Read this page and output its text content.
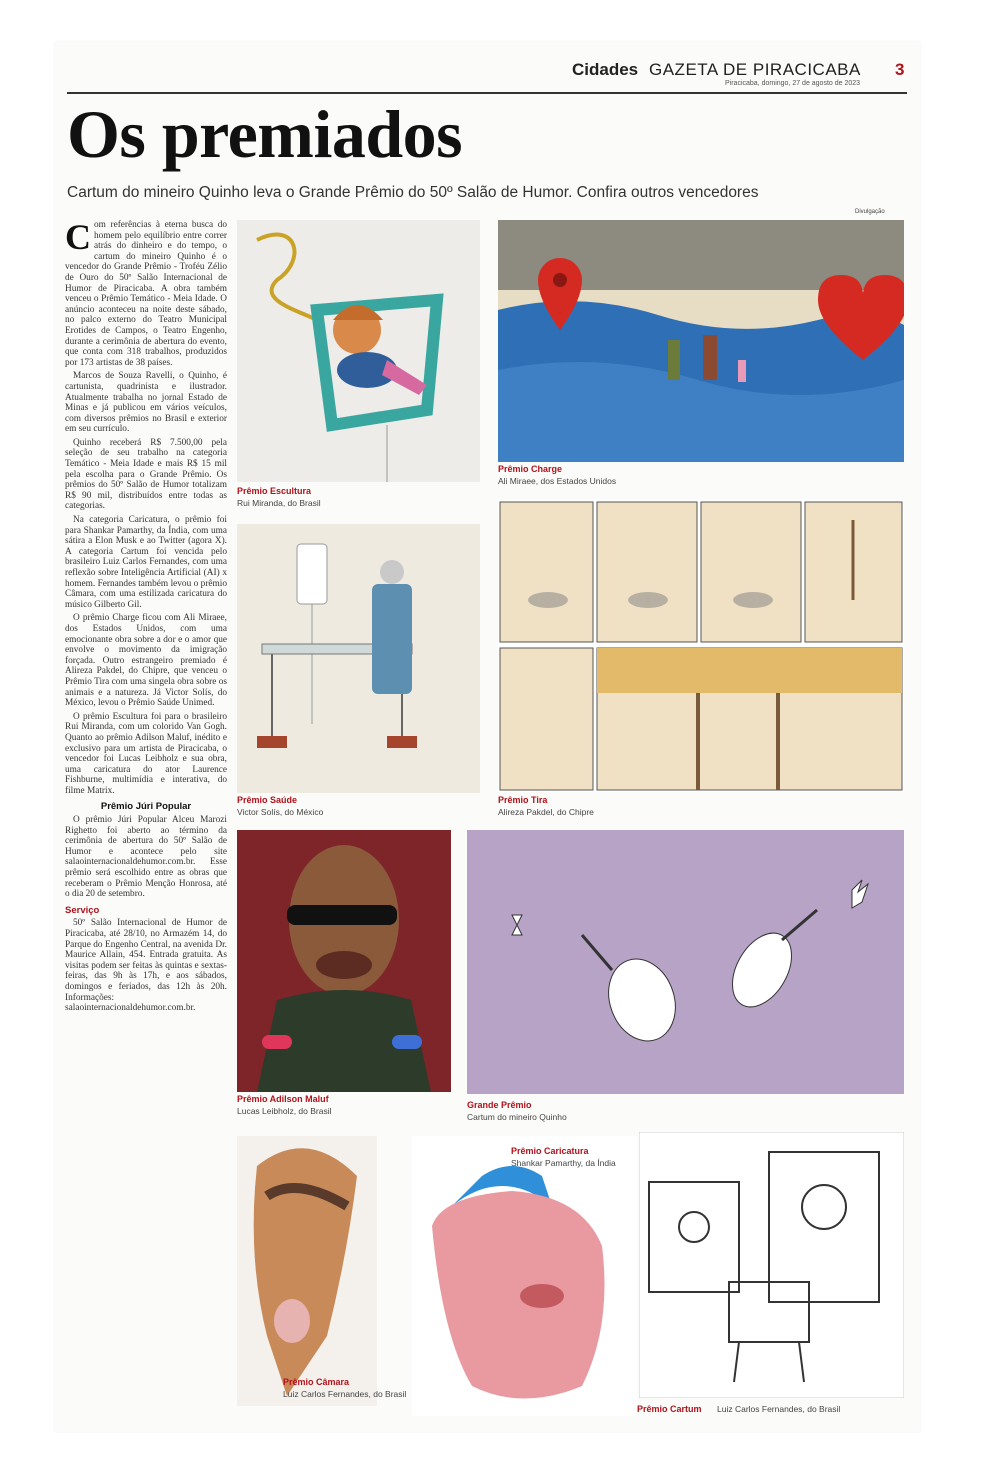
Cidades GAZETA DE PIRACICABA 3
Piracicaba, domingo, 27 de agosto de 2023
Os premiados
Cartum do mineiro Quinho leva o Grande Prêmio do 50º Salão de Humor. Confira outros vencedores
Divulgação

Com referências à eterna busca do homem pelo equilíbrio entre correr atrás do dinheiro e do tempo, o cartum do mineiro Quinho é o vencedor do Grande Prêmio - Troféu Zélio de Ouro do 50º Salão Internacional de Humor de Piracicaba. A obra também venceu o Prêmio Temático - Meia Idade. O anúncio aconteceu na noite deste sábado, no palco externo do Teatro Municipal Erotides de Campos, o Teatro Engenho, durante a cerimônia de abertura do evento, que conta com 318 trabalhos, produzidos por 173 artistas de 38 países.

Marcos de Souza Ravelli, o Quinho, é cartunista, quadrinista e ilustrador. Atualmente trabalha no jornal Estado de Minas e já publicou em vários veículos, com diversos prêmios no Brasil e exterior em seu currículo.

Quinho receberá R$ 7.500,00 pela seleção de seu trabalho na categoria Temático - Meia Idade e mais R$ 15 mil pela escolha para o Grande Prêmio. Os prêmios do 50º Salão de Humor totalizam R$ 90 mil, distribuídos entre todas as categorias.

Na categoria Caricatura, o prêmio foi para Shankar Pamarthy, da Índia, com uma sátira a Elon Musk e ao Twitter (agora X). A categoria Cartum foi vencida pelo brasileiro Luiz Carlos Fernandes, com uma reflexão sobre Inteligência Artificial (AI) x homem. Fernandes também levou o prêmio Câmara, com uma estilizada caricatura do músico Gilberto Gil.

O prêmio Charge ficou com Ali Miraee, dos Estados Unidos, com uma emocionante obra sobre a dor e o amor que envolve o movimento da imigração forçada. Outro estrangeiro premiado é Alireza Pakdel, do Chipre, que venceu o Prêmio Tira com uma singela obra sobre os animais e a natureza. Já Victor Solís, do México, levou o Prêmio Saúde Unimed.

O prêmio Escultura foi para o brasileiro Rui Miranda, com um colorido Van Gogh. Quanto ao prêmio Adilson Maluf, inédito e exclusivo para um artista de Piracicaba, o vencedor foi Lucas Leibholz e sua obra, uma caricatura do ator Laurence Fishburne, multimídia e interativa, do filme Matrix.

Prêmio Júri Popular

O prêmio Júri Popular Alceu Marozi Righetto foi aberto ao término da cerimônia de abertura do 50º Salão de Humor e acontece pelo site salaointernacionaldehumor.com.br. Esse prêmio será escolhido entre as obras que receberam o Prêmio Menção Honrosa, até o dia 20 de setembro.

Serviço

50º Salão Internacional de Humor de Piracicaba, até 28/10, no Armazém 14, do Parque do Engenho Central, na avenida Dr. Maurice Allain, 454. Entrada gratuita. As visitas podem ser feitas às quintas e sextas-feiras, das 9h às 17h, e aos sábados, domingos e feriados, das 12h às 20h. Informações: salaointernacionaldehumor.com.br.

Prêmio Escultura
Rui Miranda, do Brasil
Prêmio Charge
Ali Miraee, dos Estados Unidos
Prêmio Saúde
Victor Solís, do México
Prêmio Tira
Alireza Pakdel, do Chipre
Prêmio Adilson Maluf
Lucas Leibholz, do Brasil
Grande Prêmio
Cartum do mineiro Quinho
Prêmio Câmara
Luiz Carlos Fernandes, do Brasil
Prêmio Caricatura
Shankar Pamarthy, da Índia
Prêmio Cartum Luiz Carlos Fernandes, do Brasil
